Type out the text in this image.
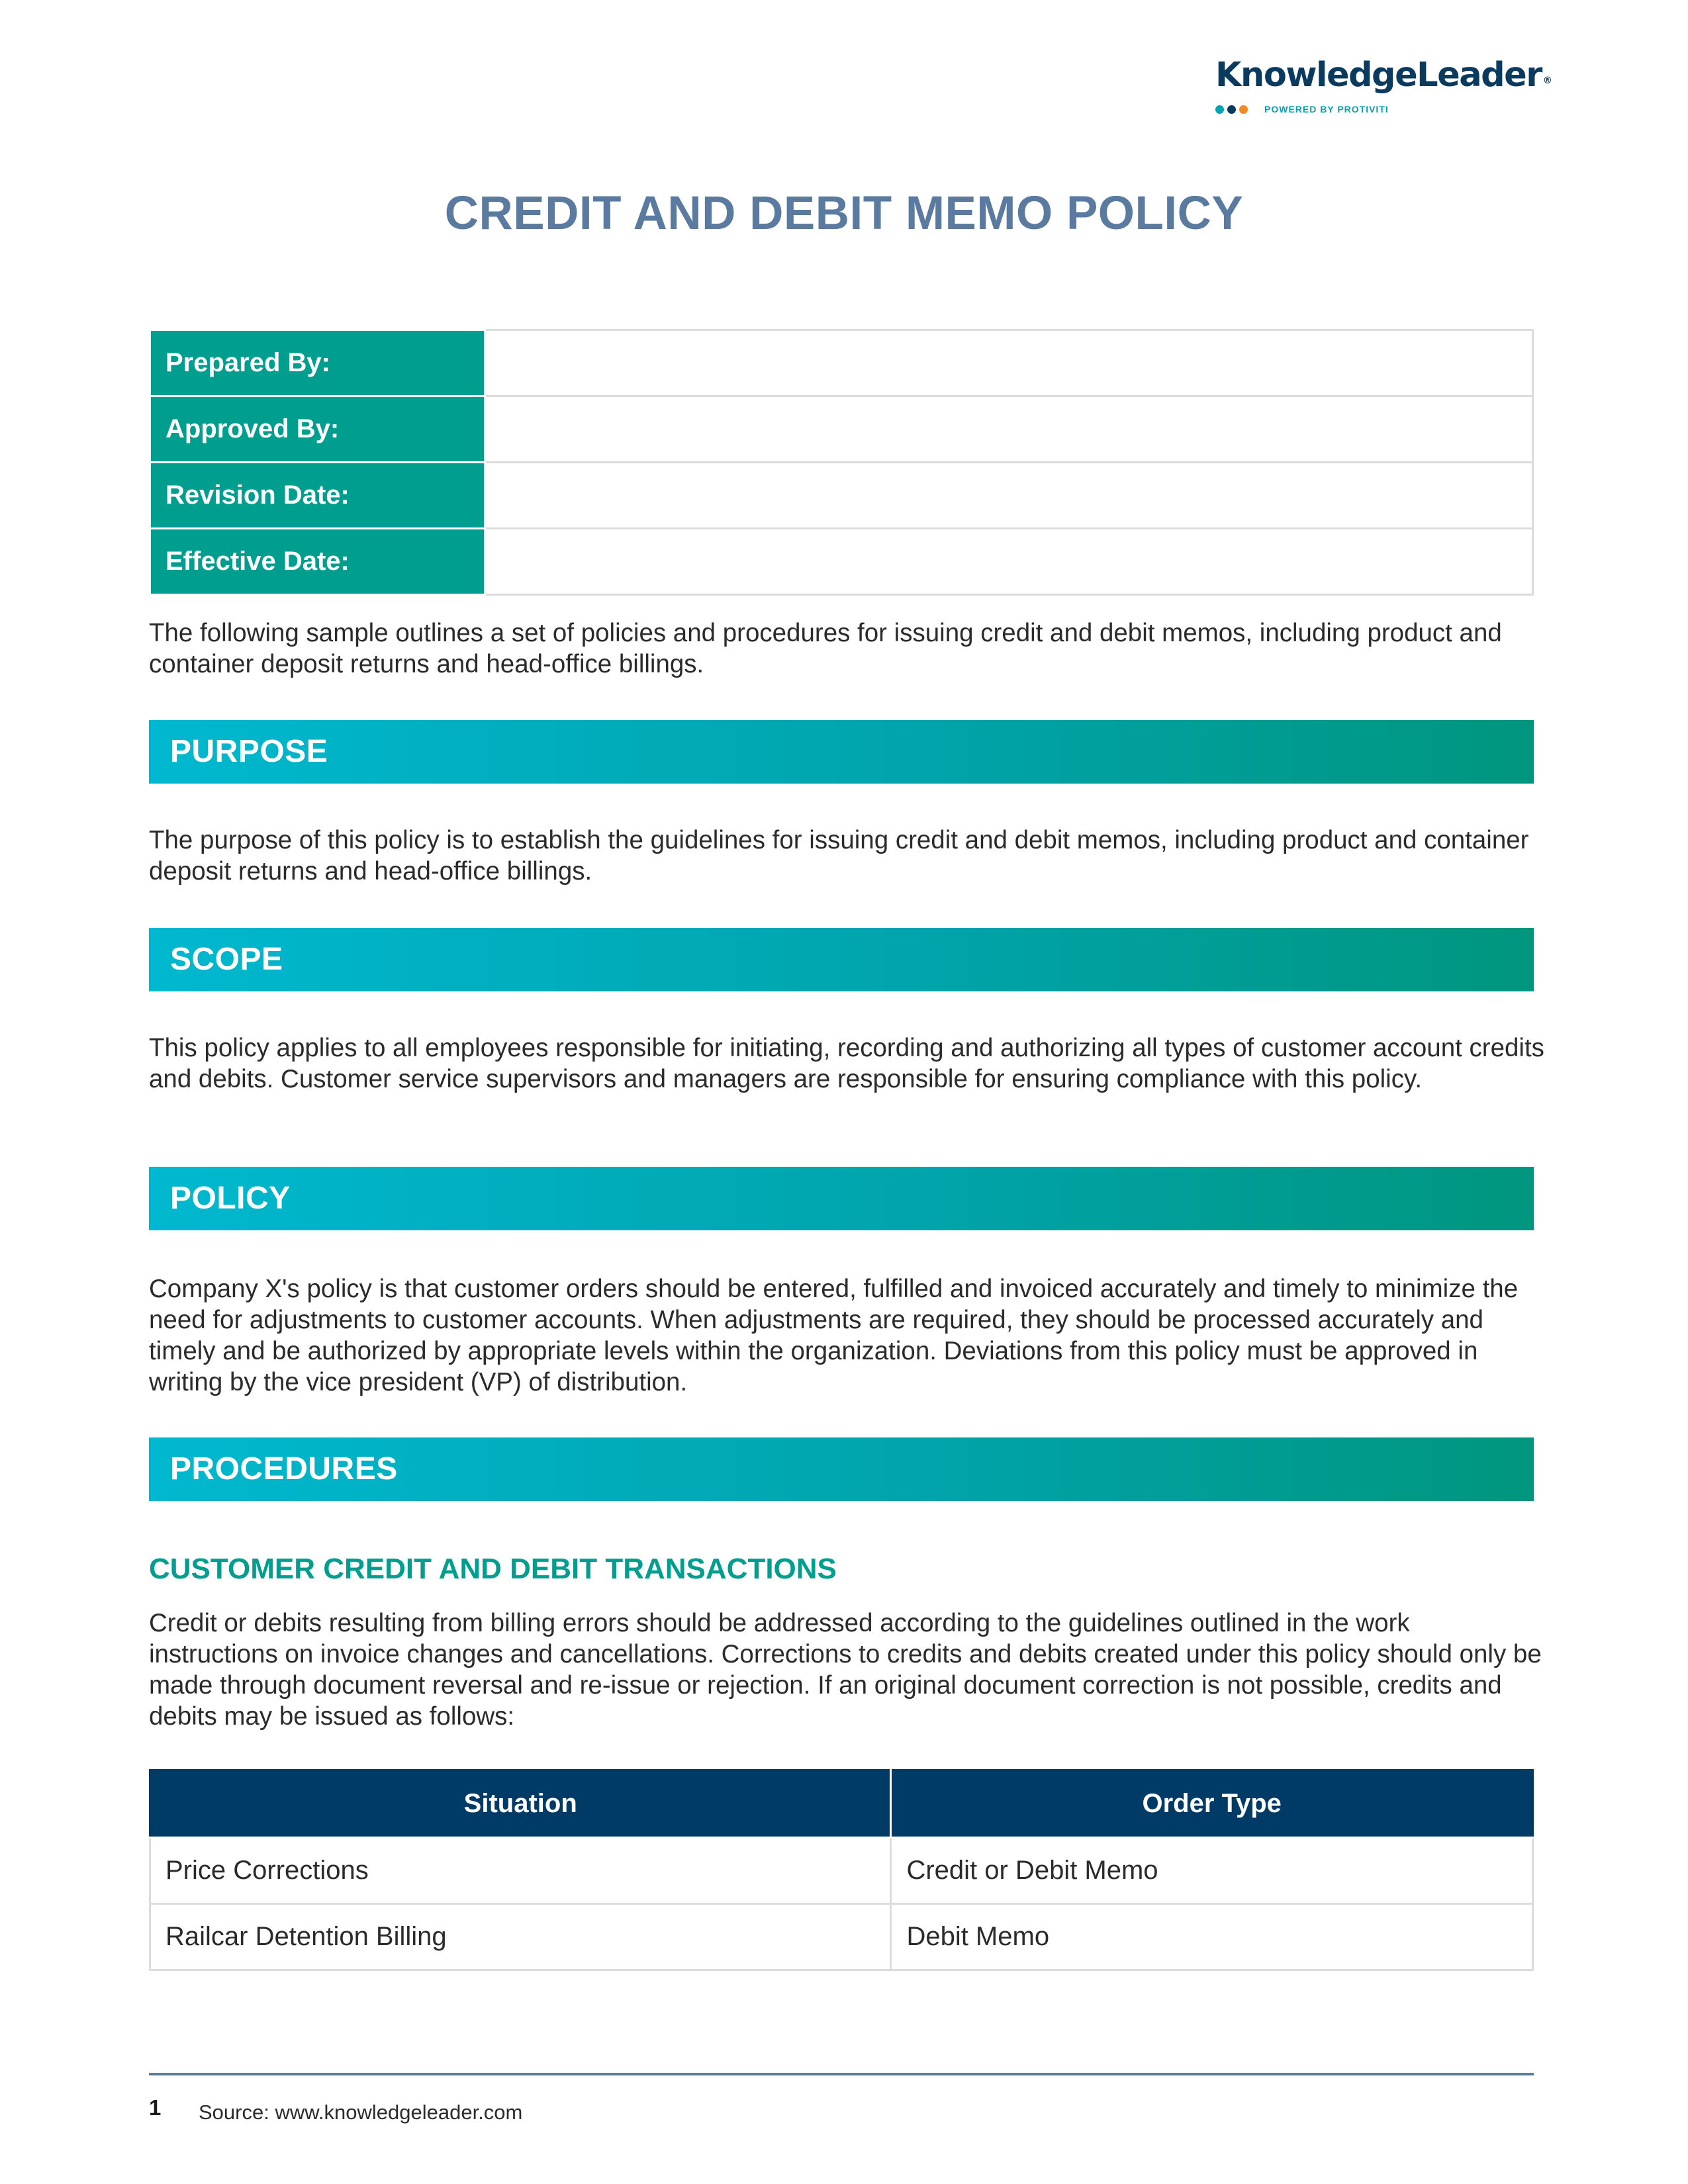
KnowledgeLeader ®
POWERED BY PROTIVITI
CREDIT AND DEBIT MEMO POLICY
Prepared By:	
Approved By:	
Revision Date:	
Effective Date:	
The following sample outlines a set of policies and procedures for issuing credit and debit memos, including product and container deposit returns and head-office billings.
PURPOSE
The purpose of this policy is to establish the guidelines for issuing credit and debit memos, including product and container deposit returns and head-office billings.
SCOPE
This policy applies to all employees responsible for initiating, recording and authorizing all types of customer account credits and debits. Customer service supervisors and managers are responsible for ensuring compliance with this policy.
POLICY
Company X's policy is that customer orders should be entered, fulfilled and invoiced accurately and timely to minimize the need for adjustments to customer accounts. When adjustments are required, they should be processed accurately and timely and be authorized by appropriate levels within the organization. Deviations from this policy must be approved in writing by the vice president (VP) of distribution.
PROCEDURES
CUSTOMER CREDIT AND DEBIT TRANSACTIONS
Credit or debits resulting from billing errors should be addressed according to the guidelines outlined in the work instructions on invoice changes and cancellations. Corrections to credits and debits created under this policy should only be made through document reversal and re-issue or rejection. If an original document correction is not possible, credits and debits may be issued as follows:
Situation	Order Type
Price Corrections	Credit or Debit Memo
Railcar Detention Billing	Debit Memo
1 Source: www.knowledgeleader.com
